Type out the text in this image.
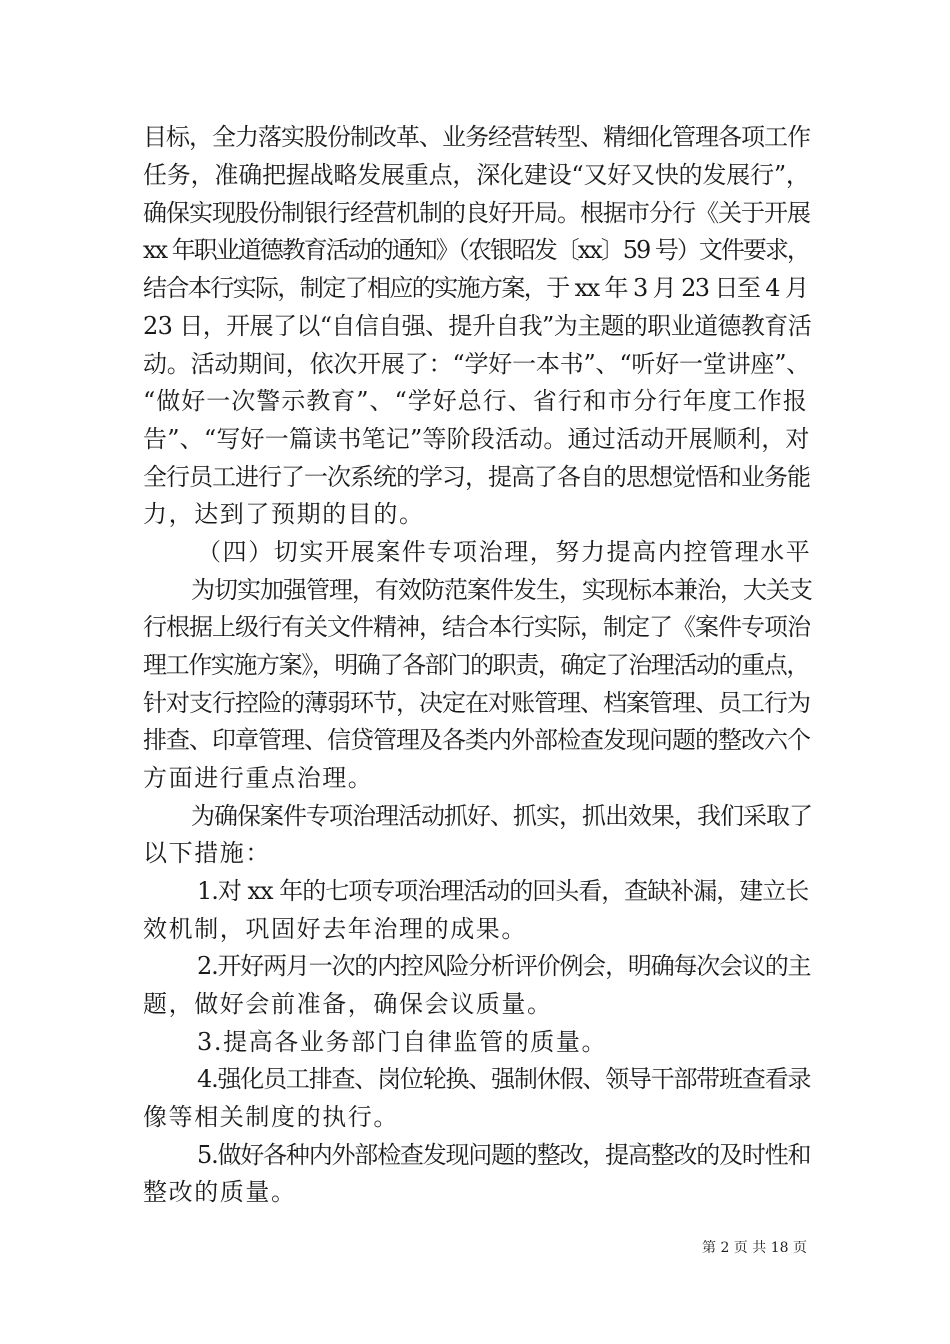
目标，全力落实股份制改革、业务经营转型、精细化管理各项工作
任务，准确把握战略发展重点，深化建设“又好又快的发展行”，
确保实现股份制银行经营机制的良好开局。根据市分行《关于开展
xx 年职业道德教育活动的通知》（农银昭发〔xx〕59 号）文件要求，
结合本行实际，制定了相应的实施方案，于 xx 年 3 月 23 日至 4 月
23 日，开展了以“自信自强、提升自我”为主题的职业道德教育活
动。活动期间，依次开展了：“学好一本书”、“听好一堂讲座”、
“做好一次警示教育”、“学好总行、省行和市分行年度工作报
告”、“写好一篇读书笔记”等阶段活动。通过活动开展顺利，对
全行员工进行了一次系统的学习，提高了各自的思想觉悟和业务能
力，达到了预期的目的。
（四）切实开展案件专项治理，努力提高内控管理水平
为切实加强管理，有效防范案件发生，实现标本兼治，大关支
行根据上级行有关文件精神，结合本行实际，制定了《案件专项治
理工作实施方案》，明确了各部门的职责，确定了治理活动的重点，
针对支行控险的薄弱环节，决定在对账管理、档案管理、员工行为
排查、印章管理、信贷管理及各类内外部检查发现问题的整改六个
方面进行重点治理。
为确保案件专项治理活动抓好、抓实，抓出效果，我们采取了
以下措施：
1.对 xx 年的七项专项治理活动的回头看，查缺补漏，建立长
效机制，巩固好去年治理的成果。
2.开好两月一次的内控风险分析评价例会，明确每次会议的主
题，做好会前准备，确保会议质量。
3.提高各业务部门自律监管的质量。
4.强化员工排查、岗位轮换、强制休假、领导干部带班查看录
像等相关制度的执行。
5.做好各种内外部检查发现问题的整改，提高整改的及时性和
整改的质量。
第 2 页 共 18 页
